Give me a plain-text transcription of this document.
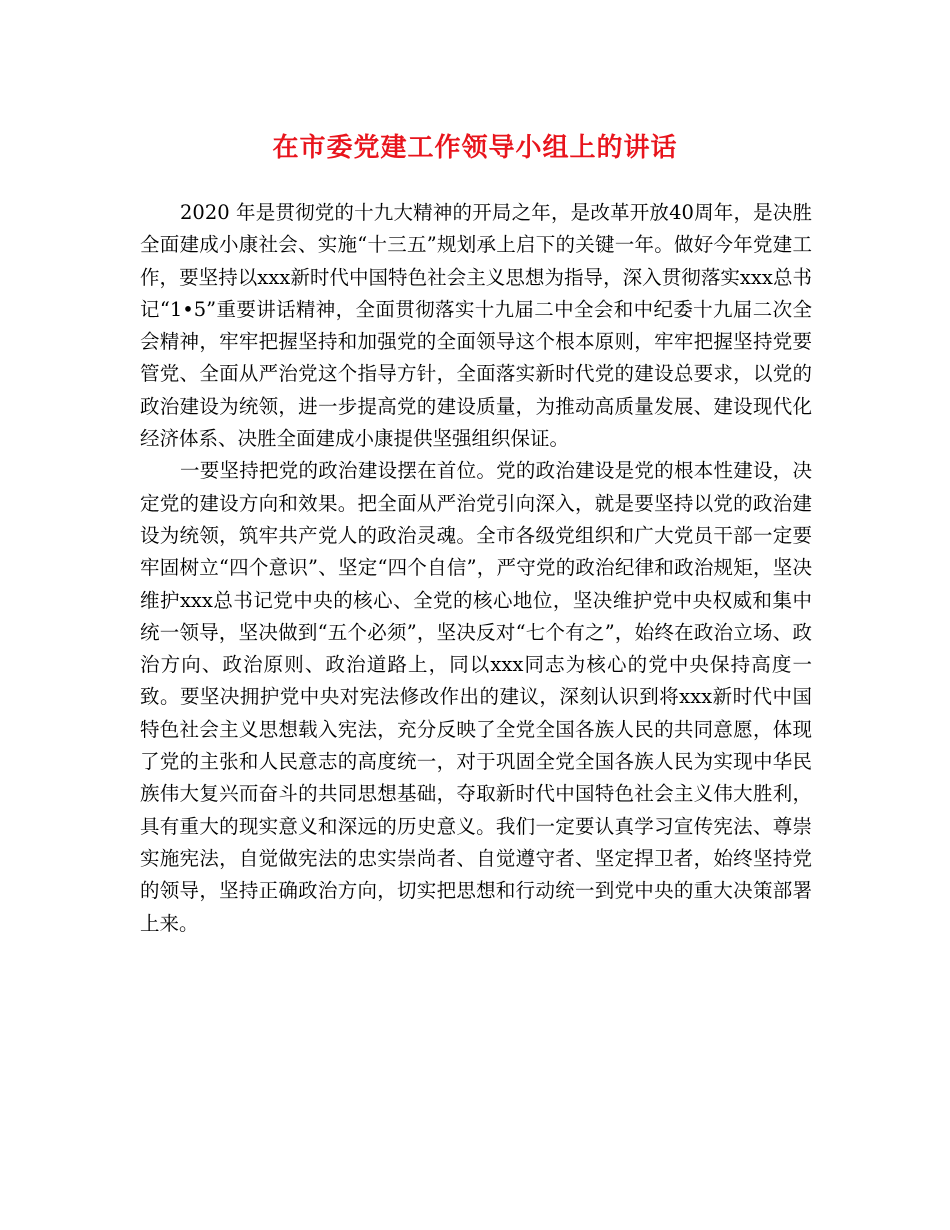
在市委党建工作领导小组上的讲话

2020 年是贯彻党的十九大精神的开局之年，是改革开放40周年，是决胜全面建成小康社会、实施“十三五”规划承上启下的关键一年。做好今年党建工作，要坚持以xxx新时代中国特色社会主义思想为指导，深入贯彻落实xxx总书记“1•5”重要讲话精神，全面贯彻落实十九届二中全会和中纪委十九届二次全会精神，牢牢把握坚持和加强党的全面领导这个根本原则，牢牢把握坚持党要管党、全面从严治党这个指导方针，全面落实新时代党的建设总要求，以党的政治建设为统领，进一步提高党的建设质量，为推动高质量发展、建设现代化经济体系、决胜全面建成小康提供坚强组织保证。

一要坚持把党的政治建设摆在首位。党的政治建设是党的根本性建设，决定党的建设方向和效果。把全面从严治党引向深入，就是要坚持以党的政治建设为统领，筑牢共产党人的政治灵魂。全市各级党组织和广大党员干部一定要牢固树立“四个意识”、坚定“四个自信”，严守党的政治纪律和政治规矩，坚决维护xxx总书记党中央的核心、全党的核心地位，坚决维护党中央权威和集中统一领导，坚决做到“五个必须”，坚决反对“七个有之”，始终在政治立场、政治方向、政治原则、政治道路上，同以xxx同志为核心的党中央保持高度一致。要坚决拥护党中央对宪法修改作出的建议，深刻认识到将xxx新时代中国特色社会主义思想载入宪法，充分反映了全党全国各族人民的共同意愿，体现了党的主张和人民意志的高度统一，对于巩固全党全国各族人民为实现中华民族伟大复兴而奋斗的共同思想基础，夺取新时代中国特色社会主义伟大胜利，具有重大的现实意义和深远的历史意义。我们一定要认真学习宣传宪法、尊崇实施宪法，自觉做宪法的忠实崇尚者、自觉遵守者、坚定捍卫者，始终坚持党的领导，坚持正确政治方向，切实把思想和行动统一到党中央的重大决策部署上来。
